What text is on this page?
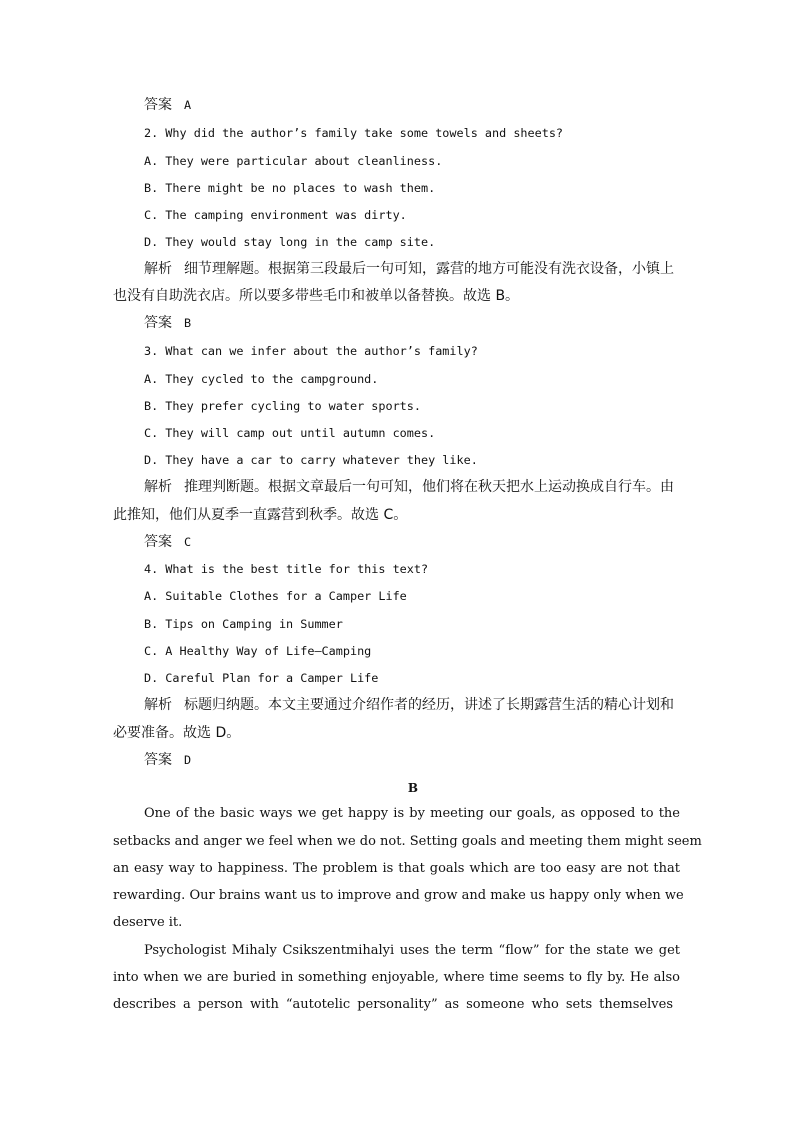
答案 A
2. Why did the author’s family take some towels and sheets?
A. They were particular about cleanliness.
B. There might be no places to wash them.
C. The camping environment was dirty.
D. They would stay long in the camp site.
解析 细节理解题。根据第三段最后一句可知，露营的地方可能没有洗衣设备，小镇上
也没有自助洗衣店。所以要多带些毛巾和被单以备替换。故选 B。
答案 B
3. What can we infer about the author’s family?
A. They cycled to the campground.
B. They prefer cycling to water sports.
C. They will camp out until autumn comes.
D. They have a car to carry whatever they like.
解析 推理判断题。根据文章最后一句可知，他们将在秋天把水上运动换成自行车。由
此推知，他们从夏季一直露营到秋季。故选 C。
答案 C
4. What is the best title for this text?
A. Suitable Clothes for a Camper Life
B. Tips on Camping in Summer
C. A Healthy Way of Life—Camping
D. Careful Plan for a Camper Life
解析 标题归纳题。本文主要通过介绍作者的经历，讲述了长期露营生活的精心计划和
必要准备。故选 D。
答案 D
B
One of the basic ways we get happy is by meeting our goals, as opposed to the
setbacks and anger we feel when we do not. Setting goals and meeting them might seem
an easy way to happiness. The problem is that goals which are too easy are not that
rewarding. Our brains want us to improve and grow and make us happy only when we
deserve it.
Psychologist Mihaly Csikszentmihalyi uses the term “flow” for the state we get
into when we are buried in something enjoyable, where time seems to fly by. He also
describes a person with “autotelic personality” as someone who sets themselves
